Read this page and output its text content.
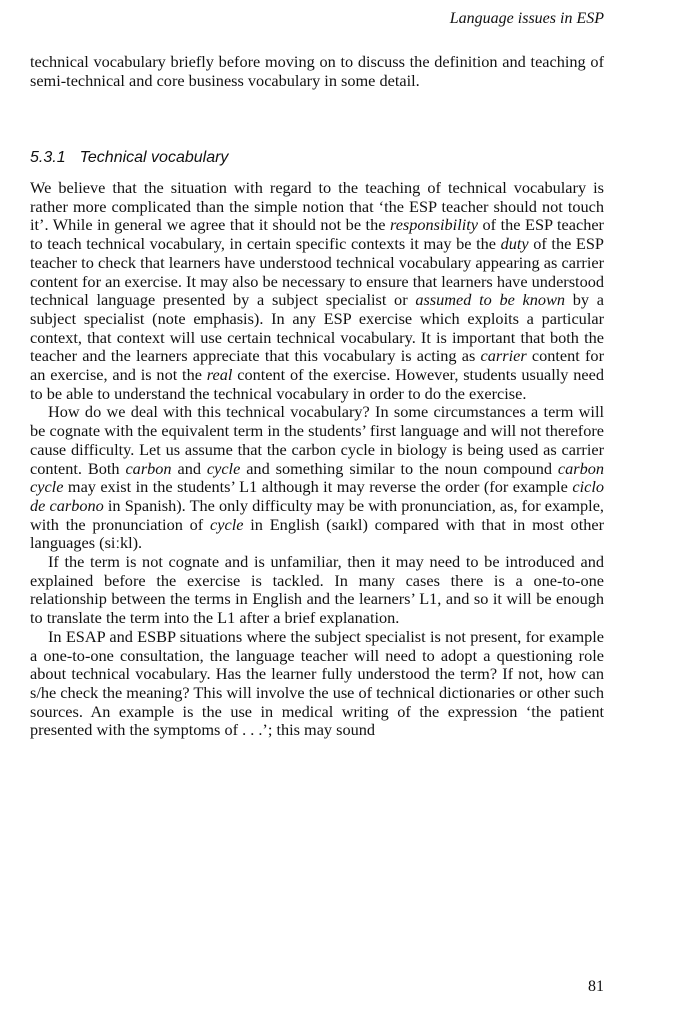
Language issues in ESP

technical vocabulary briefly before moving on to discuss the definition and teaching of semi-technical and core business vocabulary in some detail.

5.3.1 Technical vocabulary

We believe that the situation with regard to the teaching of technical vocabulary is rather more complicated than the simple notion that ‘the ESP teacher should not touch it’. While in general we agree that it should not be the responsibility of the ESP teacher to teach technical vocabulary, in certain specific contexts it may be the duty of the ESP teacher to check that learners have understood technical vocabulary appearing as carrier content for an exercise. It may also be necessary to ensure that learners have understood technical language presented by a subject specialist or assumed to be known by a subject specialist (note emphasis). In any ESP exercise which exploits a particular context, that context will use certain technical vocabulary. It is important that both the teacher and the learners appreciate that this vocabulary is acting as carrier content for an exercise, and is not the real content of the exercise. However, students usually need to be able to understand the technical vocabulary in order to do the exercise.

How do we deal with this technical vocabulary? In some circumstances a term will be cognate with the equivalent term in the students’ first language and will not therefore cause difficulty. Let us assume that the carbon cycle in biology is being used as carrier content. Both carbon and cycle and something similar to the noun compound carbon cycle may exist in the students’ L1 although it may reverse the order (for example ciclo de carbono in Spanish). The only difficulty may be with pronunciation, as, for example, with the pronunciation of cycle in English (saɪkl) compared with that in most other languages (siːkl).

If the term is not cognate and is unfamiliar, then it may need to be introduced and explained before the exercise is tackled. In many cases there is a one-to-one relationship between the terms in English and the learners’ L1, and so it will be enough to translate the term into the L1 after a brief explanation.

In ESAP and ESBP situations where the subject specialist is not present, for example a one-to-one consultation, the language teacher will need to adopt a questioning role about technical vocabulary. Has the learner fully understood the term? If not, how can s/he check the meaning? This will involve the use of technical dictionaries or other such sources. An example is the use in medical writing of the expression ‘the patient presented with the symptoms of . . .’; this may sound

81
